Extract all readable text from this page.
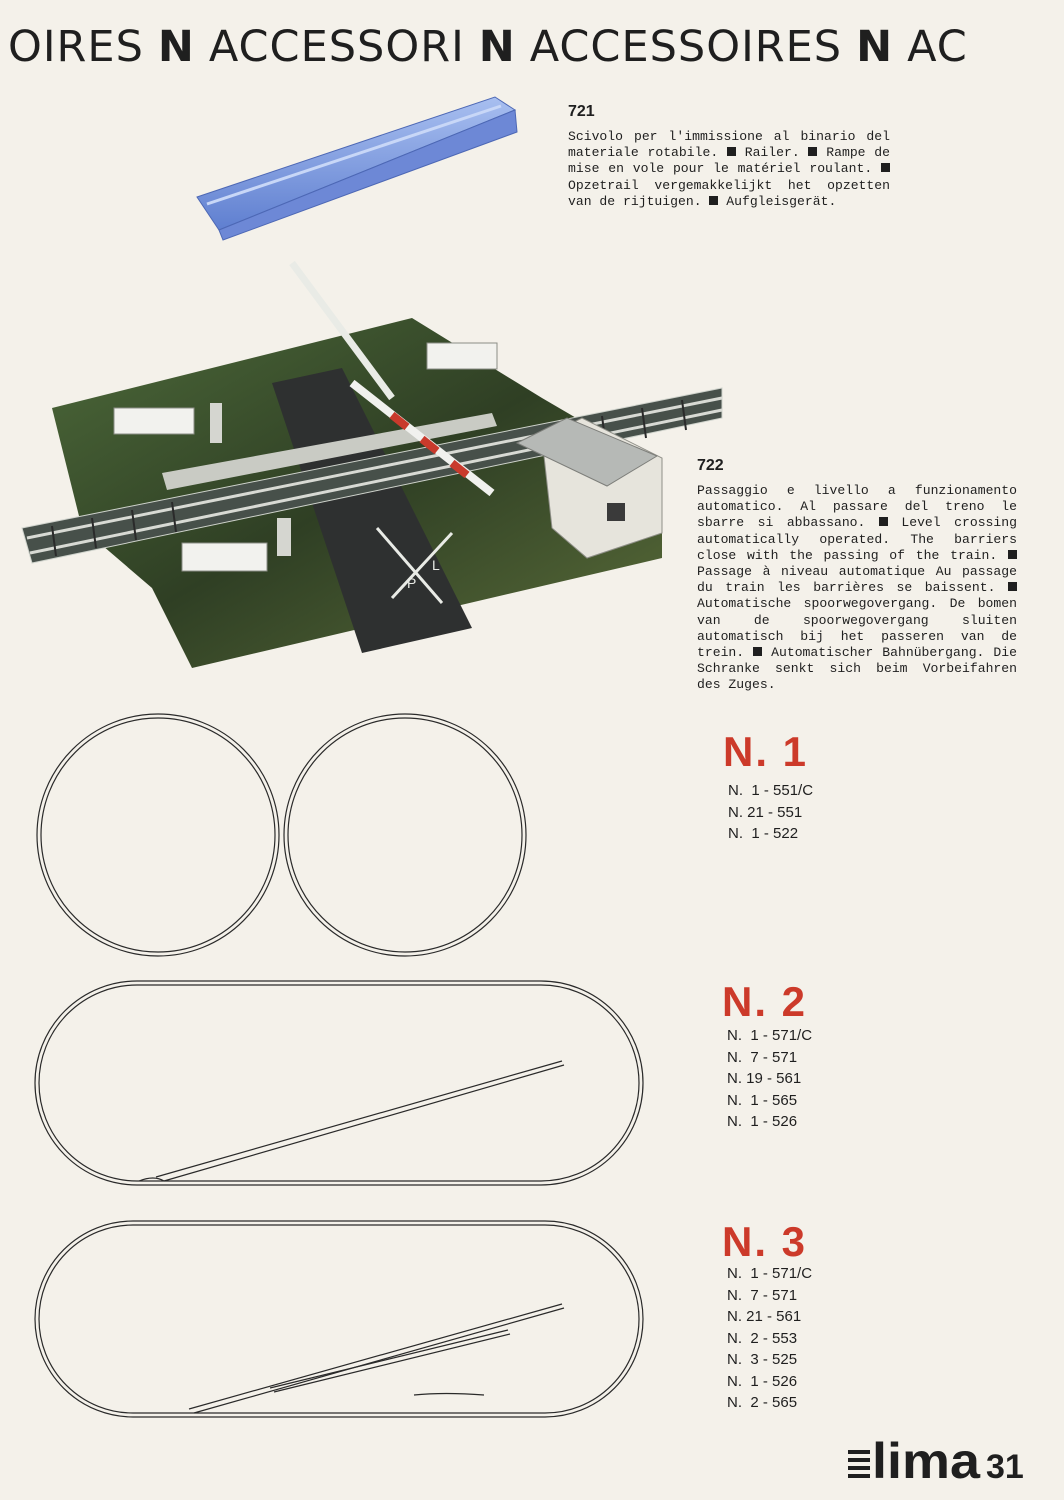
OIRES N ACCESSORI N ACCESSOIRES N AC
721
Scivolo per l'immissione al binario del materiale rotabile.  Railer.  Rampe de mise en vole pour le matériel roulant.  Opzetrail vergemakkelijkt het opzetten van de rijtuigen.  Aufgleisgerät.
P
L
722
Passaggio e livello a funzionamento automatico. Al passare del treno le sbarre si abbassano.  Level crossing automatically operated. The barriers close with the passing of the train.  Passage à niveau automatique Au passage du train les barrières se baissent.  Automatische spoorwegovergang. De bomen van de spoorwegovergang sluiten automatisch bij het passeren van de trein.  Automatischer Bahnübergang. Die Schranke senkt sich beim Vorbeifahren des Zuges.
N. 1
N.  1 - 551/C
N. 21 - 551
N.  1 - 522
N. 2
N.  1 - 571/C
N.  7 - 571
N. 19 - 561
N.  1 - 565
N.  1 - 526
N. 3
N.  1 - 571/C
N.  7 - 571
N. 21 - 561
N.  2 - 553
N.  3 - 525
N.  1 - 526
N.  2 - 565
lima 31
